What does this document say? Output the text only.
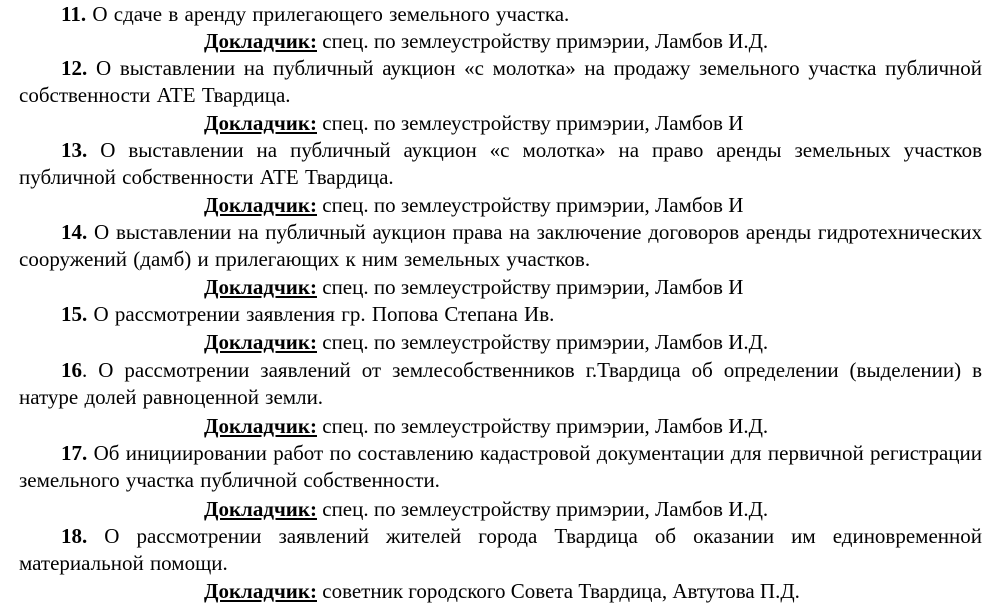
11. О сдаче в аренду прилегающего земельного участка.

Докладчик: спец. по землеустройству примэрии, Ламбов И.Д.

12. О выставлении на публичный аукцион «с молотка» на продажу земельного участка публичной собственности АТЕ Твардица.

Докладчик: спец. по землеустройству примэрии, Ламбов И

13. О выставлении на публичный аукцион «с молотка» на право аренды земельных участков публичной собственности АТЕ Твардица.

Докладчик: спец. по землеустройству примэрии, Ламбов И

14. О выставлении на публичный аукцион права на заключение договоров аренды гидротехнических сооружений (дамб) и прилегающих к ним земельных участков.

Докладчик: спец. по землеустройству примэрии, Ламбов И

15. О рассмотрении заявления гр. Попова Степана Ив.

Докладчик: спец. по землеустройству примэрии, Ламбов И.Д.

16. О рассмотрении заявлений от землесобственников г.Твардица об определении (выделении) в натуре долей равноценной земли.

Докладчик: спец. по землеустройству примэрии, Ламбов И.Д.

17. Об инициировании работ по составлению кадастровой документации для первичной регистрации земельного участка публичной собственности.

Докладчик: спец. по землеустройству примэрии, Ламбов И.Д.

18. О рассмотрении заявлений жителей города Твардица об оказании им единовременной материальной помощи.

Докладчик: советник городского Совета Твардица, Автутова П.Д.
